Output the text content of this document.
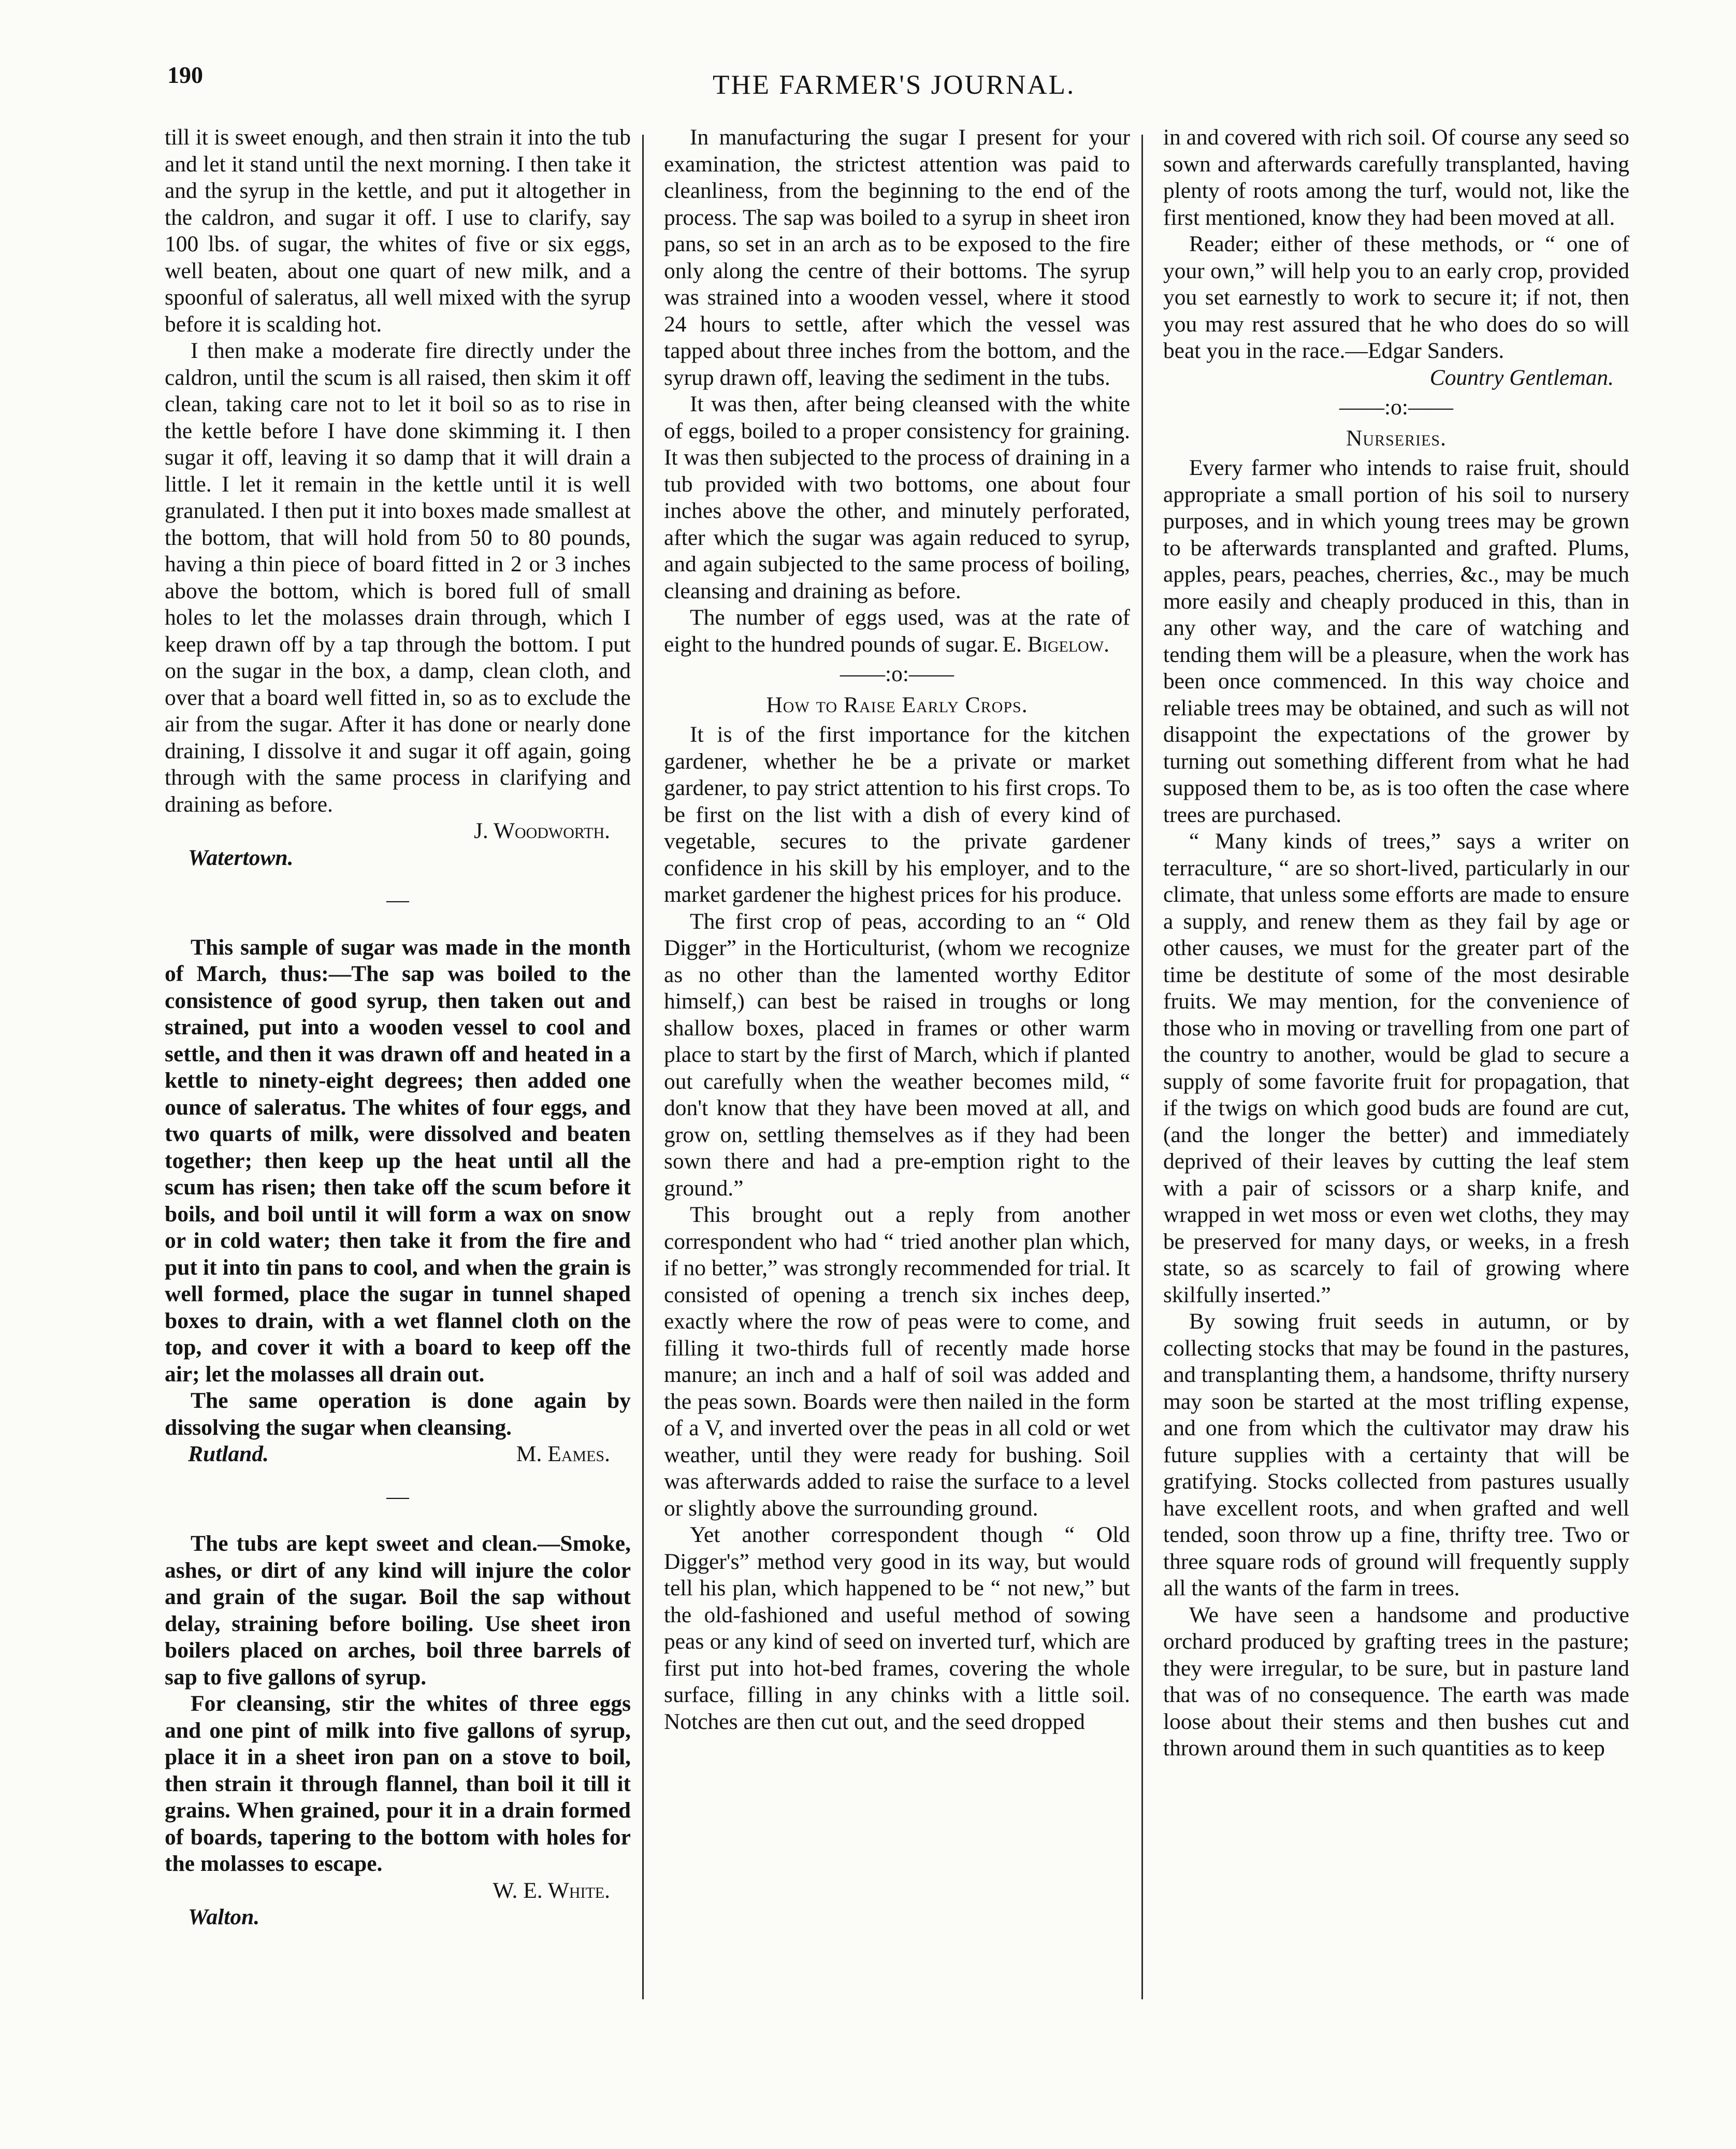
190	THE FARMER'S JOURNAL.

till it is sweet enough, and then strain it into the tub and let it stand until the next morning. I then take it and the syrup in the kettle, and put it altogether in the caldron, and sugar it off. I use to clarify, say 100 lbs. of sugar, the whites of five or six eggs, well beaten, about one quart of new milk, and a spoonful of saleratus, all well mixed with the syrup before it is scalding hot.

I then make a moderate fire directly under the caldron, until the scum is all raised, then skim it off clean, taking care not to let it boil so as to rise in the kettle before I have done skimming it. I then sugar it off, leaving it so damp that it will drain a little. I let it remain in the kettle until it is well granulated. I then put it into boxes made smallest at the bottom, that will hold from 50 to 80 pounds, having a thin piece of board fitted in 2 or 3 inches above the bottom, which is bored full of small holes to let the molasses drain through, which I keep drawn off by a tap through the bottom. I put on the sugar in the box, a damp, clean cloth, and over that a board well fitted in, so as to exclude the air from the sugar. After it has done or nearly done draining, I dissolve it and sugar it off again, going through with the same process in clarifying and draining as before.

J. Woodworth.
Watertown.
—

This sample of sugar was made in the month of March, thus:—The sap was boiled to the consistence of good syrup, then taken out and strained, put into a wooden vessel to cool and settle, and then it was drawn off and heated in a kettle to ninety-eight degrees; then added one ounce of saleratus. The whites of four eggs, and two quarts of milk, were dissolved and beaten together; then keep up the heat until all the scum has risen; then take off the scum before it boils, and boil until it will form a wax on snow or in cold water; then take it from the fire and put it into tin pans to cool, and when the grain is well formed, place the sugar in tunnel shaped boxes to drain, with a wet flannel cloth on the top, and cover it with a board to keep off the air; let the molasses all drain out.

The same operation is done again by dissolving the sugar when cleansing.

Rutland.	M. Eames.
—

The tubs are kept sweet and clean.—Smoke, ashes, or dirt of any kind will injure the color and grain of the sugar. Boil the sap without delay, straining before boiling. Use sheet iron boilers placed on arches, boil three barrels of sap to five gallons of syrup.

For cleansing, stir the whites of three eggs and one pint of milk into five gallons of syrup, place it in a sheet iron pan on a stove to boil, then strain it through flannel, than boil it till it grains. When grained, pour it in a drain formed of boards, tapering to the bottom with holes for the molasses to escape.

W. E. White.
Walton.

In manufacturing the sugar I present for your examination, the strictest attention was paid to cleanliness, from the beginning to the end of the process. The sap was boiled to a syrup in sheet iron pans, so set in an arch as to be exposed to the fire only along the centre of their bottoms. The syrup was strained into a wooden vessel, where it stood 24 hours to settle, after which the vessel was tapped about three inches from the bottom, and the syrup drawn off, leaving the sediment in the tubs.

It was then, after being cleansed with the white of eggs, boiled to a proper consistency for graining. It was then subjected to the process of draining in a tub provided with two bottoms, one about four inches above the other, and minutely perforated, after which the sugar was again reduced to syrup, and again subjected to the same process of boiling, cleansing and draining as before.

The number of eggs used, was at the rate of eight to the hundred pounds of sugar. E. Bigelow.
——:o:——
How to Raise Early Crops.

It is of the first importance for the kitchen gardener, whether he be a private or market gardener, to pay strict attention to his first crops. To be first on the list with a dish of every kind of vegetable, secures to the private gardener confidence in his skill by his employer, and to the market gardener the highest prices for his produce.

The first crop of peas, according to an “ Old Digger” in the Horticulturist, (whom we recognize as no other than the lamented worthy Editor himself,) can best be raised in troughs or long shallow boxes, placed in frames or other warm place to start by the first of March, which if planted out carefully when the weather becomes mild, “ don't know that they have been moved at all, and grow on, settling themselves as if they had been sown there and had a pre-emption right to the ground.”

This brought out a reply from another correspondent who had “ tried another plan which, if no better,” was strongly recommended for trial. It consisted of opening a trench six inches deep, exactly where the row of peas were to come, and filling it two-thirds full of recently made horse manure; an inch and a half of soil was added and the peas sown. Boards were then nailed in the form of a V, and inverted over the peas in all cold or wet weather, until they were ready for bushing. Soil was afterwards added to raise the surface to a level or slightly above the surrounding ground.

Yet another correspondent though “ Old Digger's” method very good in its way, but would tell his plan, which happened to be “ not new,” but the old-fashioned and useful method of sowing peas or any kind of seed on inverted turf, which are first put into hot-bed frames, covering the whole surface, filling in any chinks with a little soil. Notches are then cut out, and the seed dropped

in and covered with rich soil. Of course any seed so sown and afterwards carefully transplanted, having plenty of roots among the turf, would not, like the first mentioned, know they had been moved at all.

Reader; either of these methods, or “ one of your own,” will help you to an early crop, provided you set earnestly to work to secure it; if not, then you may rest assured that he who does do so will beat you in the race.—Edgar Sanders.

Country Gentleman.
——:o:——
Nurseries.

Every farmer who intends to raise fruit, should appropriate a small portion of his soil to nursery purposes, and in which young trees may be grown to be afterwards transplanted and grafted. Plums, apples, pears, peaches, cherries, &c., may be much more easily and cheaply produced in this, than in any other way, and the care of watching and tending them will be a pleasure, when the work has been once commenced. In this way choice and reliable trees may be obtained, and such as will not disappoint the expectations of the grower by turning out something different from what he had supposed them to be, as is too often the case where trees are purchased.

“ Many kinds of trees,” says a writer on terraculture, “ are so short-lived, particularly in our climate, that unless some efforts are made to ensure a supply, and renew them as they fail by age or other causes, we must for the greater part of the time be destitute of some of the most desirable fruits. We may mention, for the convenience of those who in moving or travelling from one part of the country to another, would be glad to secure a supply of some favorite fruit for propagation, that if the twigs on which good buds are found are cut, (and the longer the better) and immediately deprived of their leaves by cutting the leaf stem with a pair of scissors or a sharp knife, and wrapped in wet moss or even wet cloths, they may be preserved for many days, or weeks, in a fresh state, so as scarcely to fail of growing where skilfully inserted.”

By sowing fruit seeds in autumn, or by collecting stocks that may be found in the pastures, and transplanting them, a handsome, thrifty nursery may soon be started at the most trifling expense, and one from which the cultivator may draw his future supplies with a certainty that will be gratifying. Stocks collected from pastures usually have excellent roots, and when grafted and well tended, soon throw up a fine, thrifty tree. Two or three square rods of ground will frequently supply all the wants of the farm in trees.

We have seen a handsome and productive orchard produced by grafting trees in the pasture; they were irregular, to be sure, but in pasture land that was of no consequence. The earth was made loose about their stems and then bushes cut and thrown around them in such quantities as to keep
